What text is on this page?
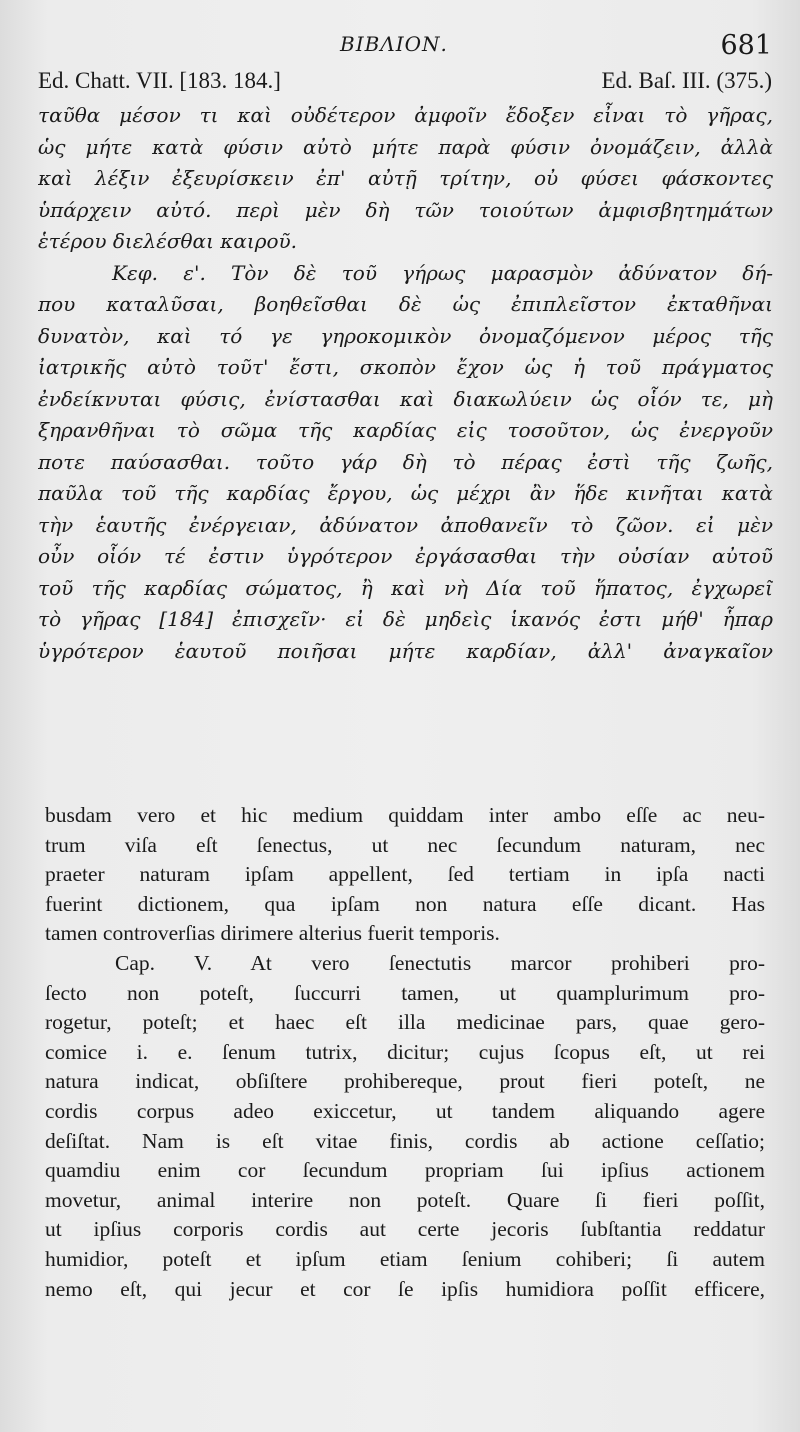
BIBΛΙΟΝ.	681
Ed. Chatt. VII. [183. 184.]	Ed. Baſ. III. (375.)
ταῦθα μέσον τι καὶ οὐδέτερον ἀμφοῖν ἔδοξεν εἶναι τὸ γῆρας,
ὡς μήτε κατὰ φύσιν αὐτὸ μήτε παρὰ φύσιν ὀνομάζειν, ἀλλὰ
καὶ λέξιν ἐξευρίσκειν ἐπ' αὐτῇ τρίτην, οὐ φύσει φάσκοντες
ὑπάρχειν αὐτό. περὶ μὲν δὴ τῶν τοιούτων ἀμφισβητημάτων
ἑτέρου διελέσθαι καιροῦ.
Κεφ. ε'. Τὸν δὲ τοῦ γήρως μαρασμὸν ἀδύνατον δή-
που καταλῦσαι, βοηθεῖσθαι δὲ ὡς ἐπιπλεῖστον ἐκταθῆναι
δυνατὸν, καὶ τό γε γηροκομικὸν ὀνομαζόμενον μέρος τῆς
ἰατρικῆς αὐτὸ τοῦτ' ἔστι, σκοπὸν ἔχον ὡς ἡ τοῦ πράγματος
ἐνδείκνυται φύσις, ἐνίστασθαι καὶ διακωλύειν ὡς οἷόν τε, μὴ
ξηρανθῆναι τὸ σῶμα τῆς καρδίας εἰς τοσοῦτον, ὡς ἐνεργοῦν
ποτε παύσασθαι. τοῦτο γάρ δὴ τὸ πέρας ἐστὶ τῆς ζωῆς,
παῦλα τοῦ τῆς καρδίας ἔργου, ὡς μέχρι ἂν ἥδε κινῆται κατὰ
τὴν ἑαυτῆς ἐνέργειαν, ἀδύνατον ἀποθανεῖν τὸ ζῶον. εἰ μὲν
οὖν οἷόν τέ ἐστιν ὑγρότερον ἐργάσασθαι τὴν οὐσίαν αὐτοῦ
τοῦ τῆς καρδίας σώματος, ἢ καὶ νὴ Δία τοῦ ἥπατος, ἐγχωρεῖ
τὸ γῆρας [184] ἐπισχεῖν· εἰ δὲ μηδεὶς ἱκανός ἐστι μήθ' ἧπαρ
ὑγρότερον ἑαυτοῦ ποιῆσαι μήτε καρδίαν, ἀλλ' ἀναγκαῖον
busdam vero et hic medium quiddam inter ambo eſſe ac neu-
trum viſa eſt ſenectus, ut nec ſecundum naturam, nec
praeter naturam ipſam appellent, ſed tertiam in ipſa nacti
fuerint dictionem, qua ipſam non natura eſſe dicant. Has
tamen controverſias dirimere alterius fuerit temporis.
Cap. V. At vero ſenectutis marcor prohiberi pro-
ſecto non poteſt, ſuccurri tamen, ut quamplurimum pro-
rogetur, poteſt; et haec eſt illa medicinae pars, quae gero-
comice i. e. ſenum tutrix, dicitur; cujus ſcopus eſt, ut rei
natura indicat, obſiſtere prohibereque, prout fieri poteſt, ne
cordis corpus adeo exiccetur, ut tandem aliquando agere
deſiſtat. Nam is eſt vitae finis, cordis ab actione ceſſatio;
quamdiu enim cor ſecundum propriam ſui ipſius actionem
movetur, animal interire non poteſt. Quare ſi fieri poſſit,
ut ipſius corporis cordis aut certe jecoris ſubſtantia reddatur
humidior, poteſt et ipſum etiam ſenium cohiberi; ſi autem
nemo eſt, qui jecur et cor ſe ipſis humidiora poſſit efficere,
